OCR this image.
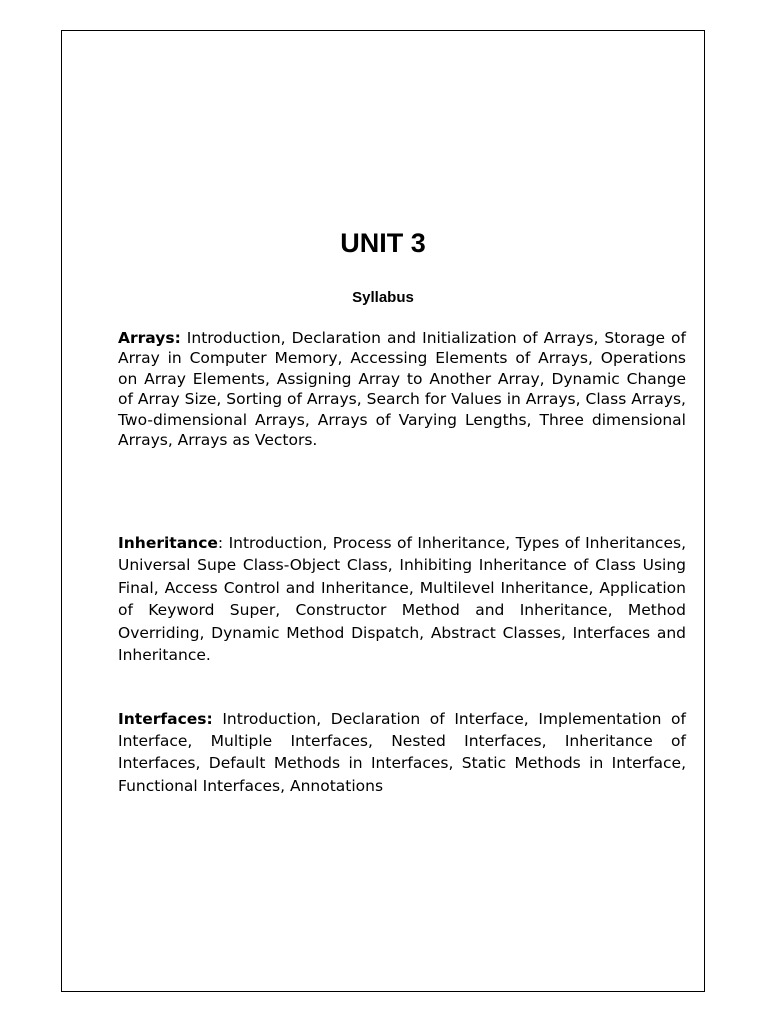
UNIT 3
Syllabus

Arrays: Introduction, Declaration and Initialization of Arrays, Storage of Array in Computer Memory, Accessing Elements of Arrays, Operations on Array Elements, Assigning Array to Another Array, Dynamic Change of Array Size, Sorting of Arrays, Search for Values in Arrays, Class Arrays, Two-dimensional Arrays, Arrays of Varying Lengths, Three dimensional Arrays, Arrays as Vectors.

Inheritance: Introduction, Process of Inheritance, Types of Inheritances, Universal Supe Class-Object Class, Inhibiting Inheritance of Class Using Final, Access Control and Inheritance, Multilevel Inheritance, Application of Keyword Super, Constructor Method and Inheritance, Method Overriding, Dynamic Method Dispatch, Abstract Classes, Interfaces and Inheritance.

Interfaces: Introduction, Declaration of Interface, Implementation of Interface, Multiple Interfaces, Nested Interfaces, Inheritance of Interfaces, Default Methods in Interfaces, Static Methods in Interface, Functional Interfaces, Annotations
